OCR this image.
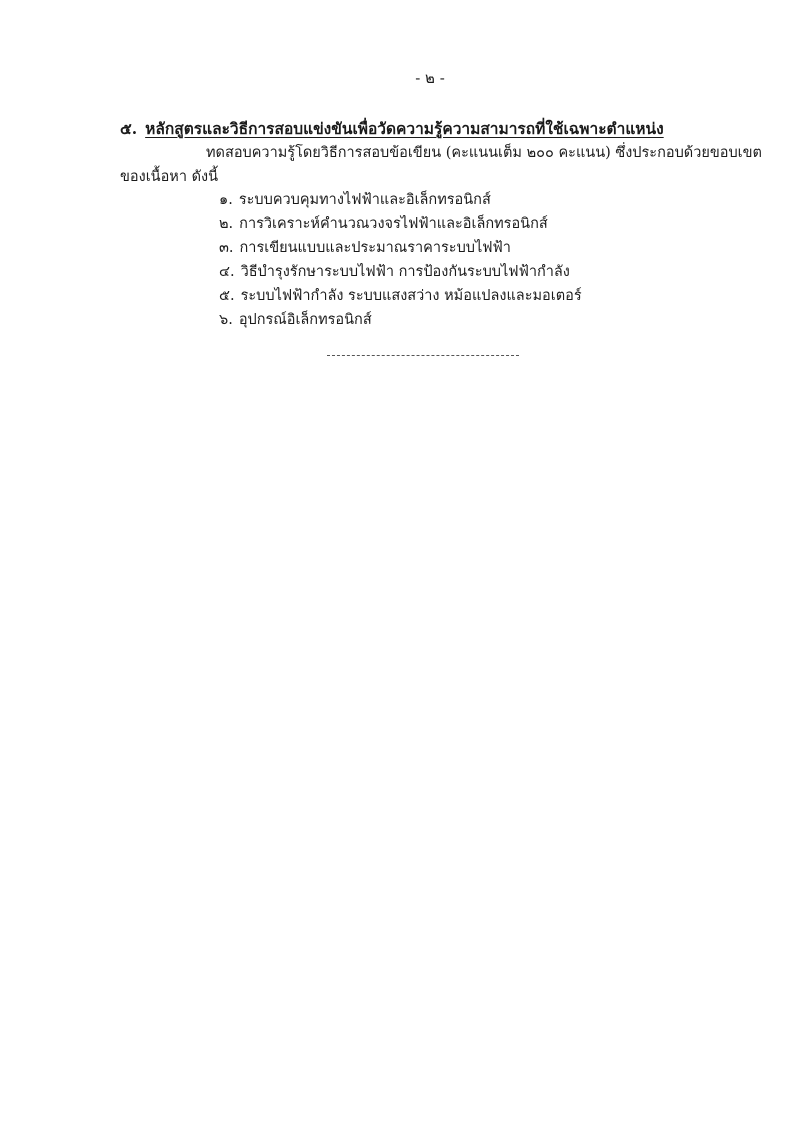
- ๒ -
๕. หลักสูตรและวิธีการสอบแข่งขันเพื่อวัดความรู้ความสามารถที่ใช้เฉพาะตำแหน่ง
ทดสอบความรู้โดยวิธีการสอบข้อเขียน (คะแนนเต็ม ๒๐๐ คะแนน) ซึ่งประกอบด้วยขอบเขต
ของเนื้อหา ดังนี้
๑. ระบบควบคุมทางไฟฟ้าและอิเล็กทรอนิกส์
๒. การวิเคราะห์คำนวณวงจรไฟฟ้าและอิเล็กทรอนิกส์
๓. การเขียนแบบและประมาณราคาระบบไฟฟ้า
๔. วิธีบำรุงรักษาระบบไฟฟ้า การป้องกันระบบไฟฟ้ากำลัง
๕. ระบบไฟฟ้ากำลัง ระบบแสงสว่าง หม้อแปลงและมอเตอร์
๖. อุปกรณ์อิเล็กทรอนิกส์
